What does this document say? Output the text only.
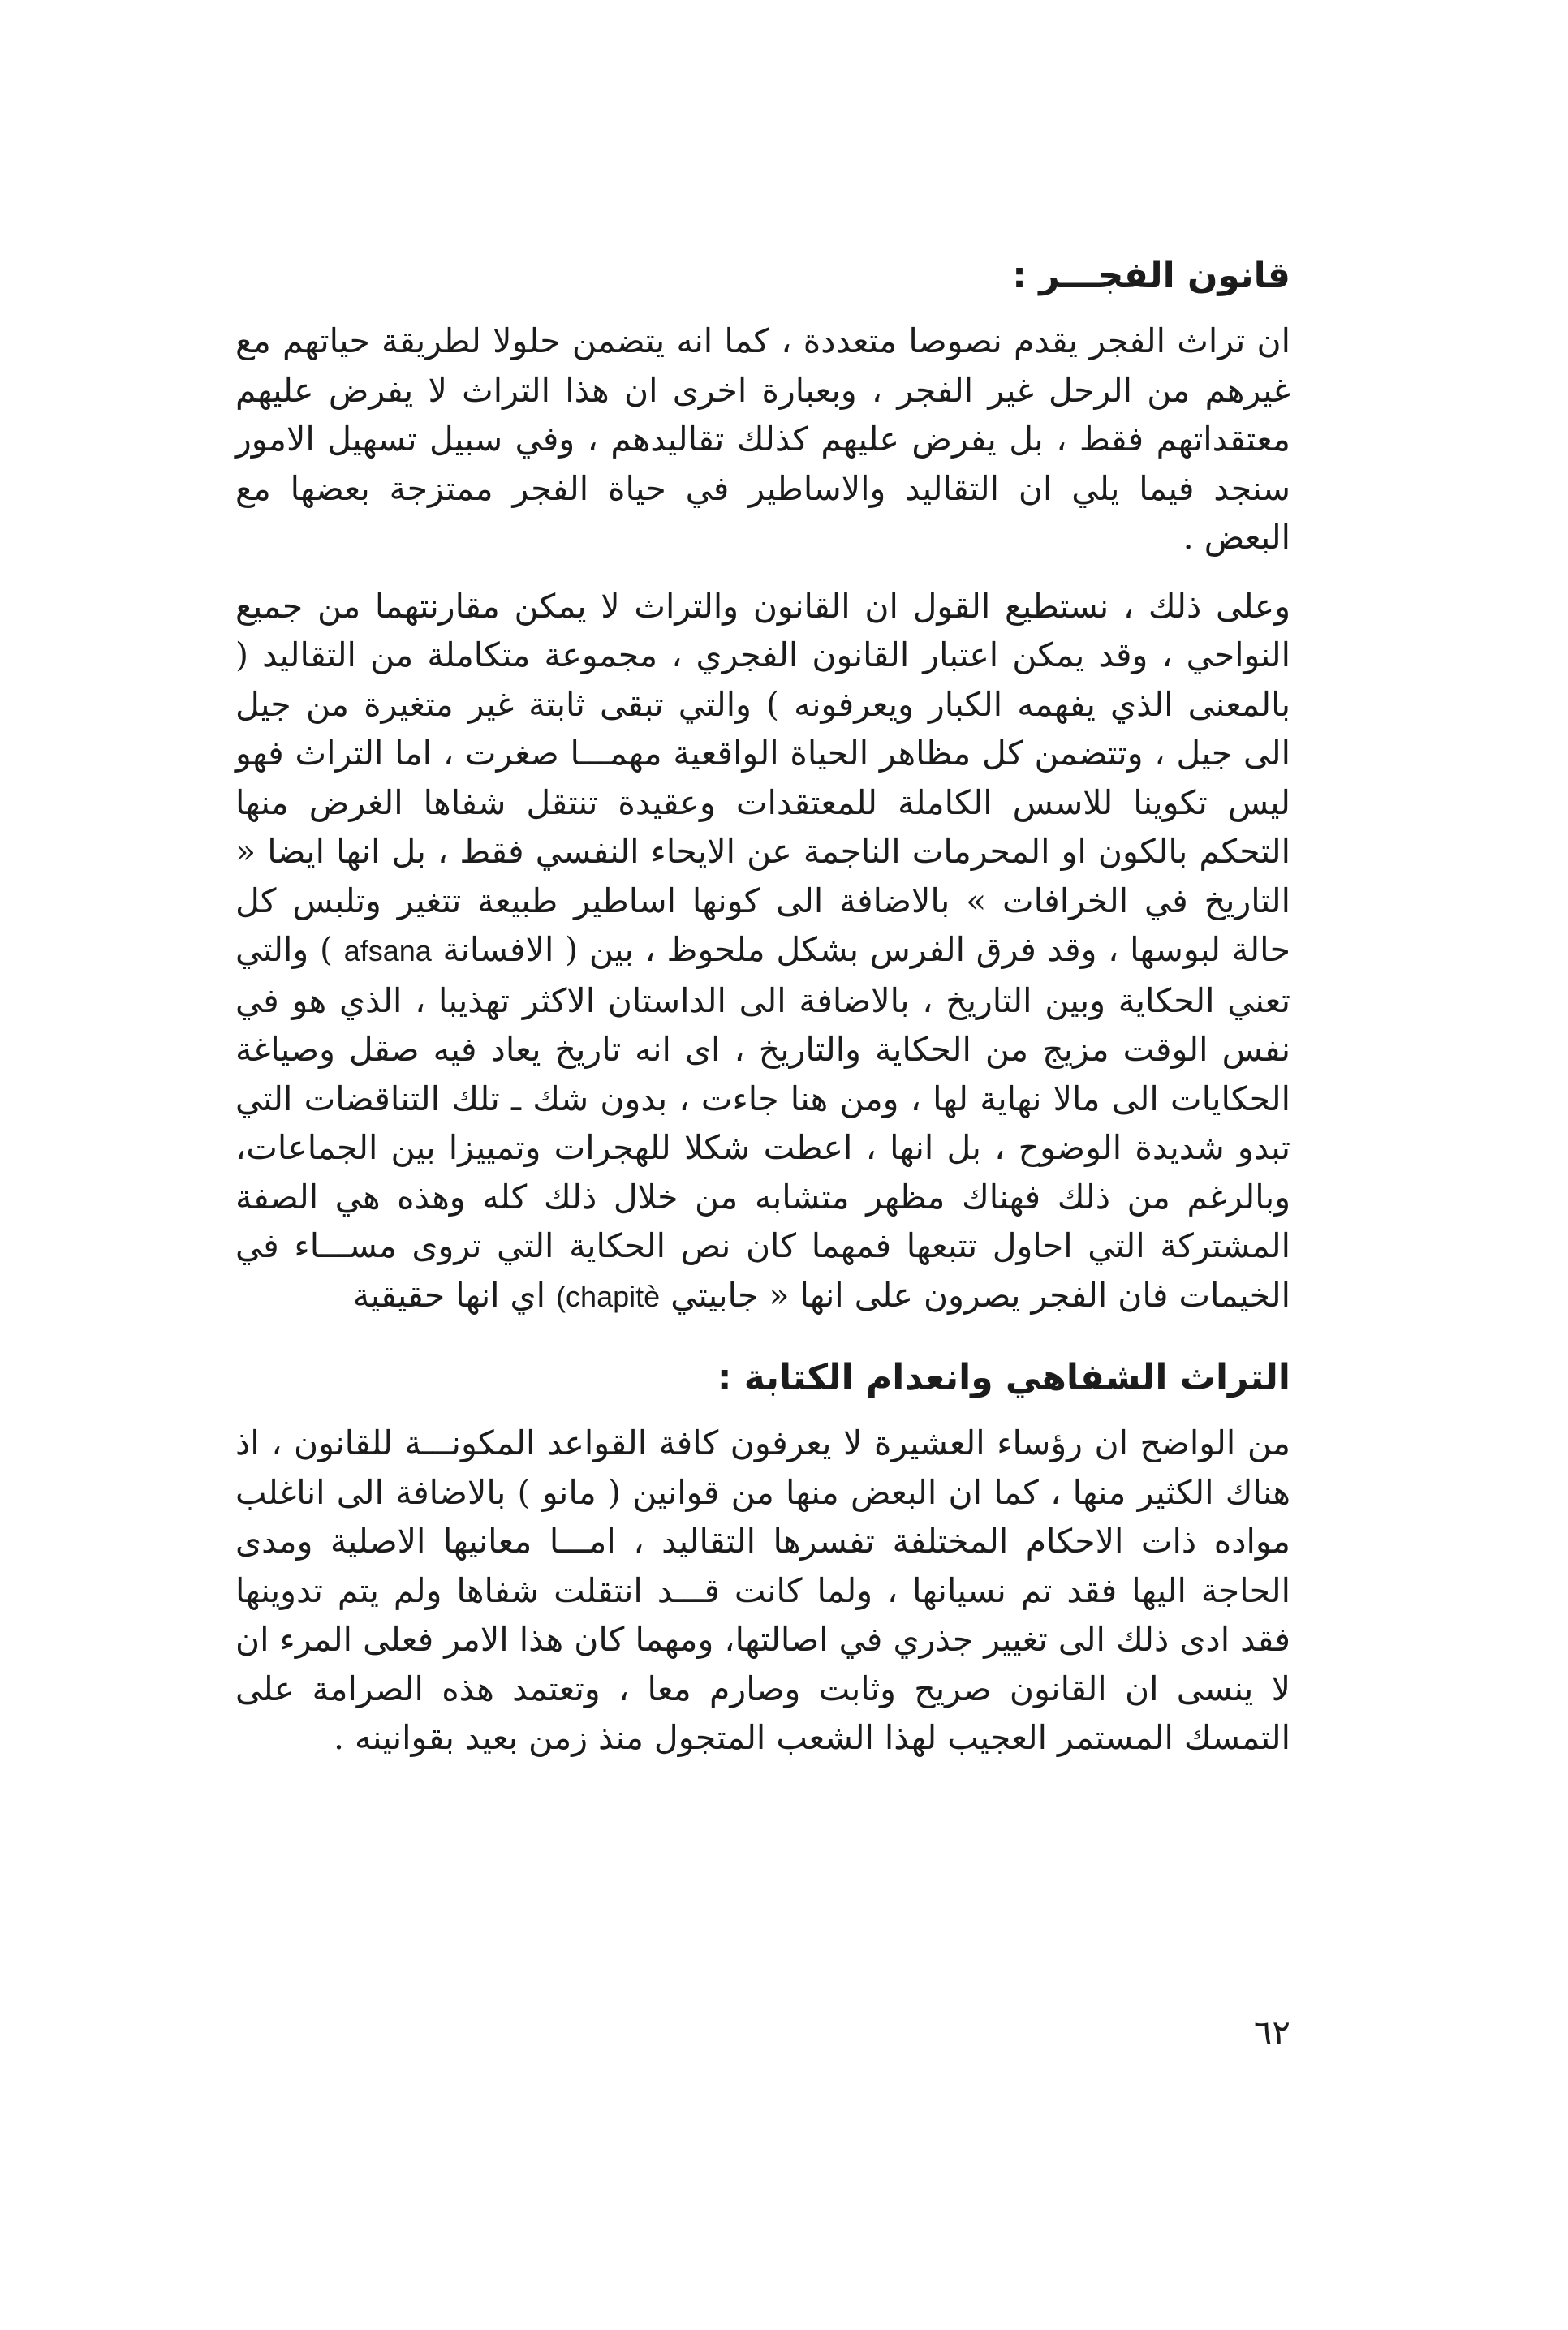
قانون الفجـــر :

ان تراث الفجر يقدم نصوصا متعددة ، كما انه يتضمن حلولا لطريقة حياتهم مع غيرهم من الرحل غير الفجر ، وبعبارة اخرى ان هذا التراث لا يفرض عليهم معتقداتهم فقط ، بل يفرض عليهم كذلك تقاليدهم ، وفي سبيل تسهيل الامور سنجد فيما يلي ان التقاليد والاساطير في حياة الفجر ممتزجة بعضها مع البعض .

وعلى ذلك ، نستطيع القول ان القانون والتراث لا يمكن مقارنتهما من جميع النواحي ، وقد يمكن اعتبار القانون الفجري ، مجموعة متكاملة من التقاليد ( بالمعنى الذي يفهمه الكبار ويعرفونه ) والتي تبقى ثابتة غير متغيرة من جيل الى جيل ، وتتضمن كل مظاهر الحياة الواقعية مهمـــا صغرت ، اما التراث فهو ليس تكوينا للاسس الكاملة للمعتقدات وعقيدة تنتقل شفاها الغرض منها التحكم بالكون او المحرمات الناجمة عن الايحاء النفسي فقط ، بل انها ايضا « التاريخ في الخرافات » بالاضافة الى كونها اساطير طبيعة تتغير وتلبس كل حالة لبوسها ، وقد فرق الفرس بشكل ملحوظ ، بين ( الافسانة afsana ) والتي تعني الحكاية وبين التاريخ ، بالاضافة الى الداستان الاكثر تهذيبا ، الذي هو في نفس الوقت مزيج من الحكاية والتاريخ ، اى انه تاريخ يعاد فيه صقل وصياغة الحكايات الى مالا نهاية لها ، ومن هنا جاءت ، بدون شك ـ تلك التناقضات التي تبدو شديدة الوضوح ، بل انها ، اعطت شكلا للهجرات وتمييزا بين الجماعات، وبالرغم من ذلك فهناك مظهر متشابه من خلال ذلك كله وهذه هي الصفة المشتركة التي احاول تتبعها فمهما كان نص الحكاية التي تروى مســـاء في الخيمات فان الفجر يصرون على انها « جابيتي (chapitè اي انها حقيقية

التراث الشفاهي وانعدام الكتابة :

من الواضح ان رؤساء العشيرة لا يعرفون كافة القواعد المكونـــة للقانون ، اذ هناك الكثير منها ، كما ان البعض منها من قوانين ( مانو ) بالاضافة الى اناغلب مواده ذات الاحكام المختلفة تفسرها التقاليد ، امـــا معانيها الاصلية ومدى الحاجة اليها فقد تم نسيانها ، ولما كانت قـــد انتقلت شفاها ولم يتم تدوينها فقد ادى ذلك الى تغيير جذري في اصالتها، ومهما كان هذا الامر فعلى المرء ان لا ينسى ان القانون صريح وثابت وصارم معا ، وتعتمد هذه الصرامة على التمسك المستمر العجيب لهذا الشعب المتجول منذ زمن بعيد بقوانينه .

٦٢
